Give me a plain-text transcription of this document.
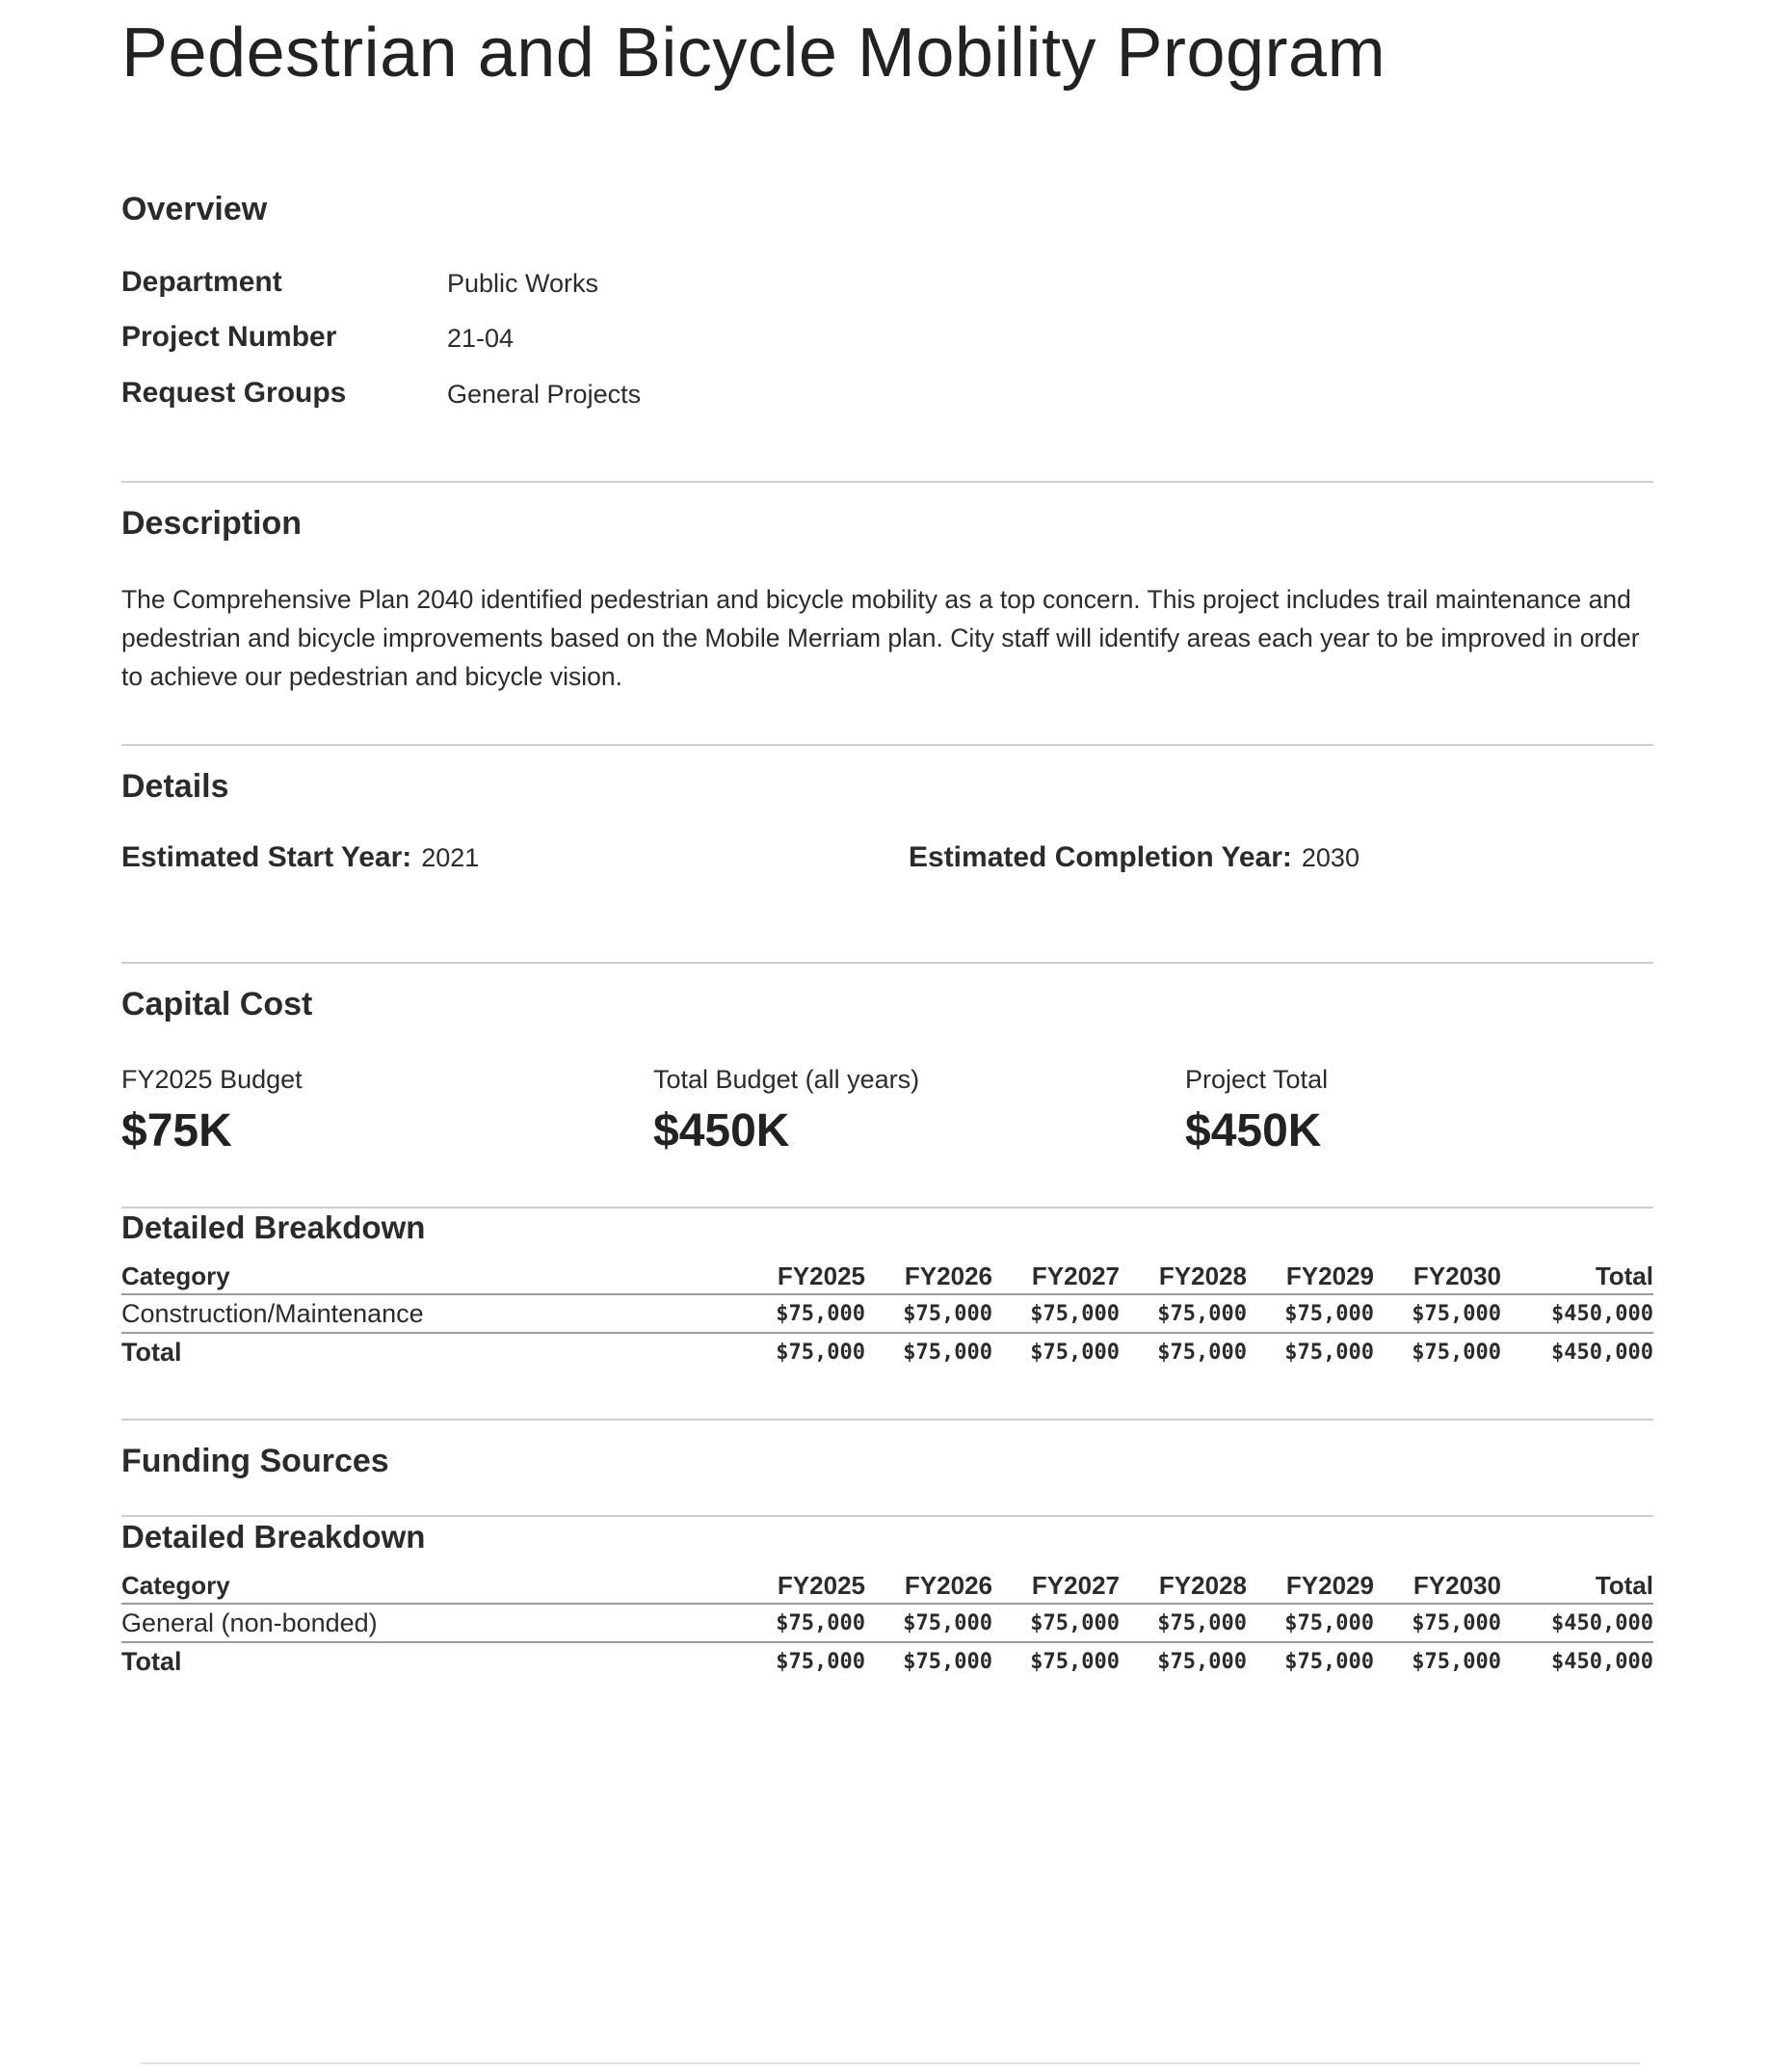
Pedestrian and Bicycle Mobility Program
Overview
Department	Public Works
Project Number	21-04
Request Groups	General Projects
Description
The Comprehensive Plan 2040 identified pedestrian and bicycle mobility as a top concern. This project includes trail maintenance and pedestrian and bicycle improvements based on the Mobile Merriam plan. City staff will identify areas each year to be improved in order to achieve our pedestrian and bicycle vision.
Details
Estimated Start Year: 2021	Estimated Completion Year: 2030
Capital Cost
FY2025 Budget
$75K
Total Budget (all years)
$450K
Project Total
$450K
Detailed Breakdown
Category	FY2025	FY2026	FY2027	FY2028	FY2029	FY2030	Total
Construction/Maintenance	$75,000	$75,000	$75,000	$75,000	$75,000	$75,000	$450,000
Total	$75,000	$75,000	$75,000	$75,000	$75,000	$75,000	$450,000
Funding Sources
Detailed Breakdown
Category	FY2025	FY2026	FY2027	FY2028	FY2029	FY2030	Total
General (non-bonded)	$75,000	$75,000	$75,000	$75,000	$75,000	$75,000	$450,000
Total	$75,000	$75,000	$75,000	$75,000	$75,000	$75,000	$450,000
